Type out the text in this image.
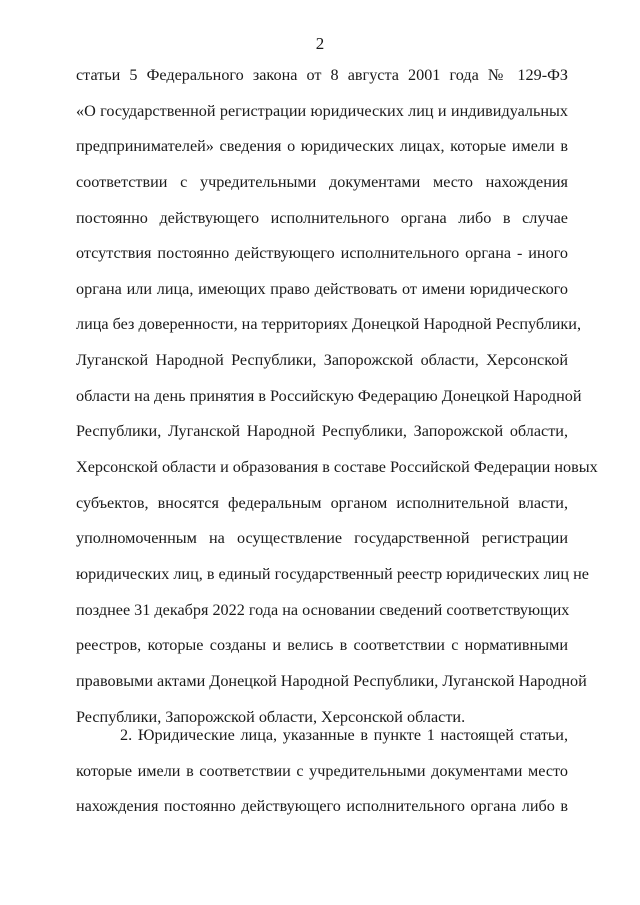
2
статьи 5 Федерального закона от 8 августа 2001 года № 129-ФЗ
«О государственной регистрации юридических лиц и индивидуальных
предпринимателей» сведения о юридических лицах, которые имели в
соответствии с учредительными документами место нахождения
постоянно действующего исполнительного органа либо в случае
отсутствия постоянно действующего исполнительного органа - иного
органа или лица, имеющих право действовать от имени юридического
лица без доверенности, на территориях Донецкой Народной Республики,
Луганской Народной Республики, Запорожской области, Херсонской
области на день принятия в Российскую Федерацию Донецкой Народной
Республики, Луганской Народной Республики, Запорожской области,
Херсонской области и образования в составе Российской Федерации новых
субъектов, вносятся федеральным органом исполнительной власти,
уполномоченным на осуществление государственной регистрации
юридических лиц, в единый государственный реестр юридических лиц не
позднее 31 декабря 2022 года на основании сведений соответствующих
реестров, которые созданы и велись в соответствии с нормативными
правовыми актами Донецкой Народной Республики, Луганской Народной
Республики, Запорожской области, Херсонской области.
2. Юридические лица, указанные в пункте 1 настоящей статьи,
которые имели в соответствии с учредительными документами место
нахождения постоянно действующего исполнительного органа либо в
